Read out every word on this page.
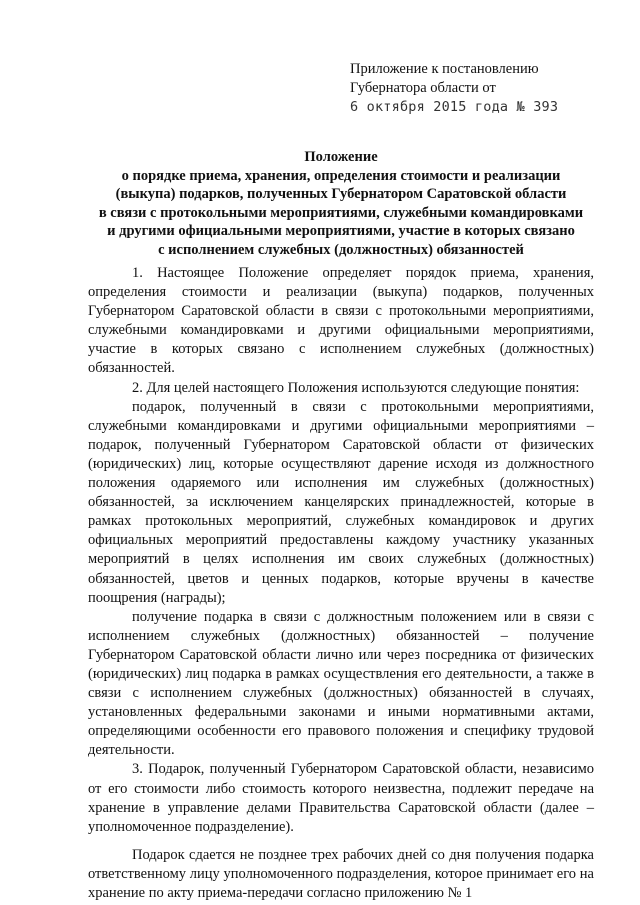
Приложение к постановлению
Губернатора области от
6 октября 2015 года № 393
Положение
о порядке приема, хранения, определения стоимости и реализации
(выкупа) подарков, полученных Губернатором Саратовской области
в связи с протокольными мероприятиями, служебными командировками
и другими официальными мероприятиями, участие в которых связано
с исполнением служебных (должностных) обязанностей

1. Настоящее Положение определяет порядок приема, хранения, определения стоимости и реализации (выкупа) подарков, полученных Губернатором Саратовской области в связи с протокольными мероприятиями, служебными командировками и другими официальными мероприятиями, участие в которых связано с исполнением служебных (должностных) обязанностей.

2. Для целей настоящего Положения используются следующие понятия:

подарок, полученный в связи с протокольными мероприятиями, служебными командировками и другими официальными мероприятиями – подарок, полученный Губернатором Саратовской области от физических (юридических) лиц, которые осуществляют дарение исходя из должностного положения одаряемого или исполнения им служебных (должностных) обязанностей, за исключением канцелярских принадлежностей, которые в рамках протокольных мероприятий, служебных командировок и других официальных мероприятий предоставлены каждому участнику указанных мероприятий в целях исполнения им своих служебных (должностных) обязанностей, цветов и ценных подарков, которые вручены в качестве поощрения (награды);

получение подарка в связи с должностным положением или в связи с исполнением служебных (должностных) обязанностей – получение Губернатором Саратовской области лично или через посредника от физических (юридических) лиц подарка в рамках осуществления его деятельности, а также в связи с исполнением служебных (должностных) обязанностей в случаях, установленных федеральными законами и иными нормативными актами, определяющими особенности его правового положения и специфику трудовой деятельности.

3. Подарок, полученный Губернатором Саратовской области, независимо от его стоимости либо стоимость которого неизвестна, подлежит передаче на хранение в управление делами Правительства Саратовской области (далее – уполномоченное подразделение).

Подарок сдается не позднее трех рабочих дней со дня получения подарка ответственному лицу уполномоченного подразделения, которое принимает его на хранение по акту приема-передачи согласно приложению № 1
